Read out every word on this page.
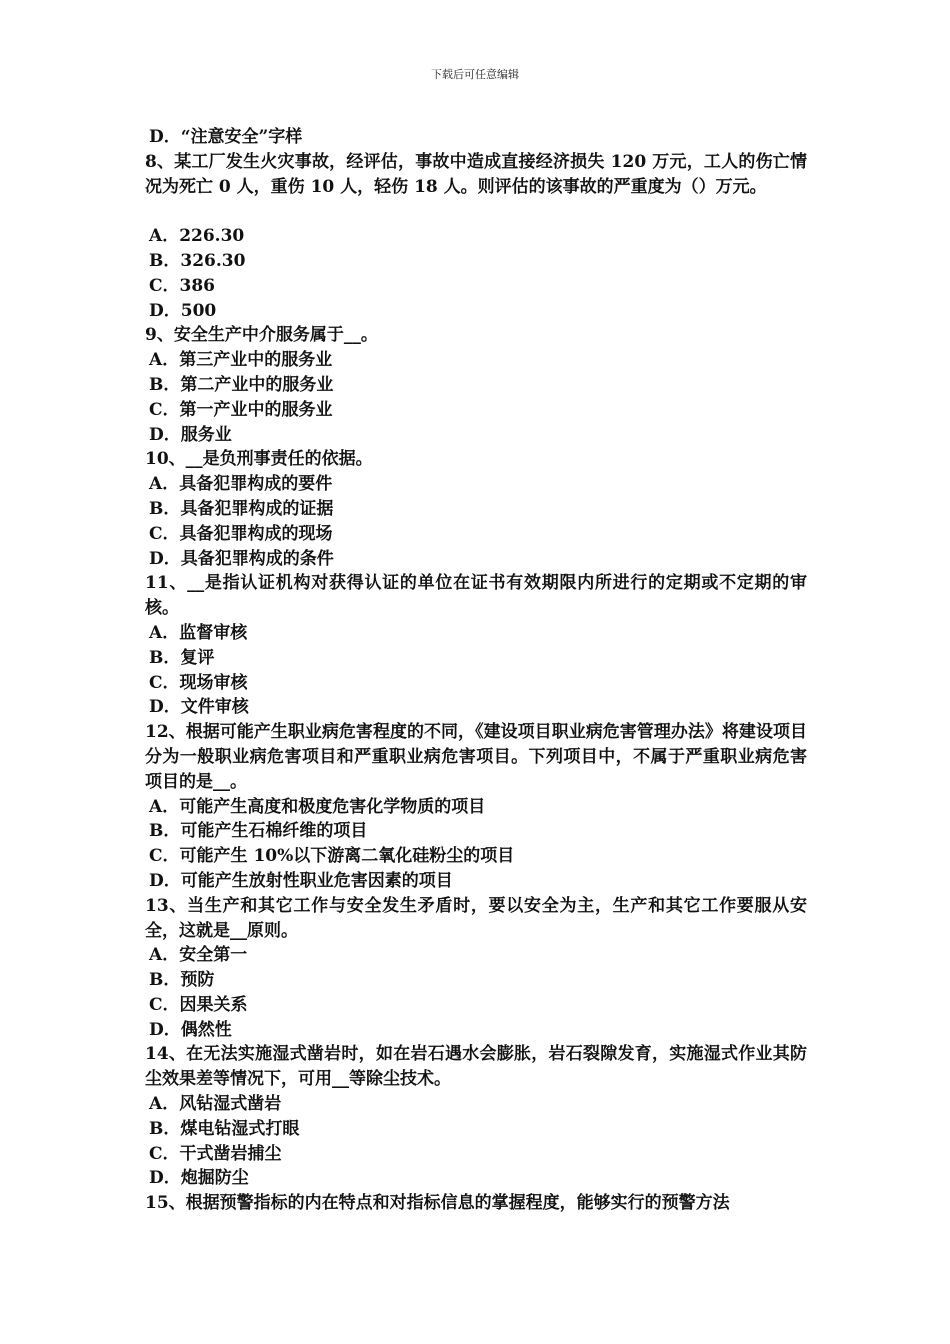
下载后可任意编辑
D．“注意安全”字样
8、某工厂发生火灾事故，经评估，事故中造成直接经济损失 120 万元，工人的伤亡情况为死亡 0 人，重伤 10 人，轻伤 18 人。则评估的该事故的严重度为（）万元。
A．226.30
B．326.30
C．386
D．500
9、安全生产中介服务属于__。
A．第三产业中的服务业
B．第二产业中的服务业
C．第一产业中的服务业
D．服务业
10、__是负刑事责任的依据。
A．具备犯罪构成的要件
B．具备犯罪构成的证据
C．具备犯罪构成的现场
D．具备犯罪构成的条件
11、__是指认证机构对获得认证的单位在证书有效期限内所进行的定期或不定期的审核。
A．监督审核
B．复评
C．现场审核
D．文件审核
12、根据可能产生职业病危害程度的不同，《建设项目职业病危害管理办法》将建设项目分为一般职业病危害项目和严重职业病危害项目。下列项目中，不属于严重职业病危害项目的是__。
A．可能产生高度和极度危害化学物质的项目
B．可能产生石棉纤维的项目
C．可能产生 10%以下游离二氧化硅粉尘的项目
D．可能产生放射性职业危害因素的项目
13、当生产和其它工作与安全发生矛盾时，要以安全为主，生产和其它工作要服从安全，这就是__原则。
A．安全第一
B．预防
C．因果关系
D．偶然性
14、在无法实施湿式凿岩时，如在岩石遇水会膨胀，岩石裂隙发育，实施湿式作业其防尘效果差等情况下，可用__等除尘技术。
A．风钻湿式凿岩
B．煤电钻湿式打眼
C．干式凿岩捕尘
D．炮掘防尘
15、根据预警指标的内在特点和对指标信息的掌握程度，能够实行的预警方法
